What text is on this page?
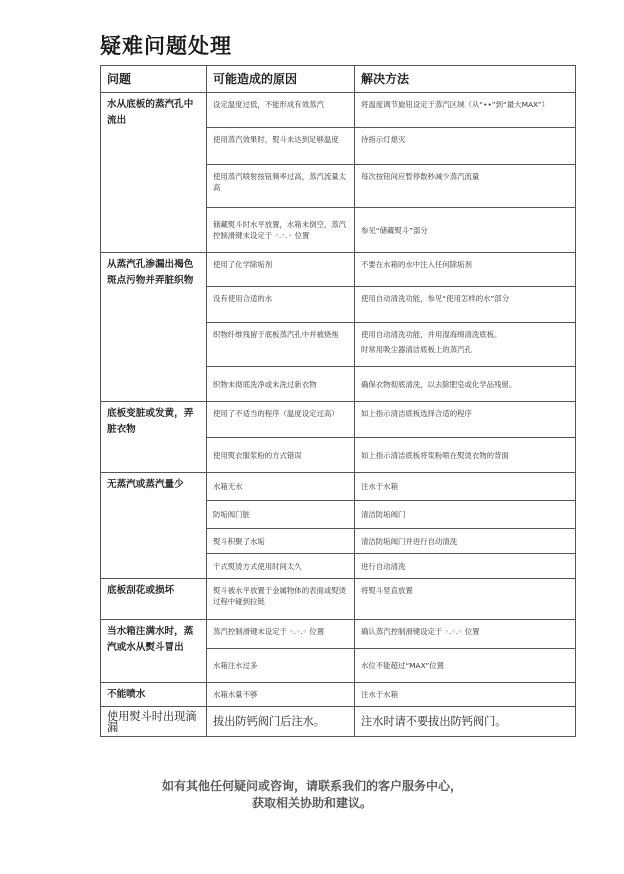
疑难问题处理
问题	可能造成的原因	解决方法
水从底板的蒸汽孔中流出	设定温度过低，不能形成有效蒸汽	将温度调节旋钮设定于蒸汽区域（从“••”到“最大MAX”）
	使用蒸汽效果时，熨斗未达到足够温度	待指示灯熄灭
	使用蒸汽喷射按钮频率过高，蒸汽流量太高	每次按钮间应暂停数秒减少蒸汽流量
	储藏熨斗时水平放置，水箱未倒空，蒸汽控制滑键未设定于 ◦.◦.◦ 位置	参见“储藏熨斗”部分
从蒸汽孔渗漏出褐色斑点污物并弄脏织物	使用了化学除垢剂	不要在水箱的水中注入任何除垢剂
	没有使用合适的水	使用自动清洗功能，参见“使用怎样的水”部分
	织物纤维残留于底板蒸汽孔中并被烧焦	使用自动清洗功能，并用湿海绵清洗底板。
时常用吸尘器清洁底板上的蒸汽孔

	织物未彻底洗净或未洗过新衣物	确保衣物彻底清洗，以去除肥皂或化学品残留。
底板变脏或发黄，弄脏衣物	使用了不适当的程序（温度设定过高）	如上指示清洁底板选择合适的程序
	使用熨衣服浆粉的方式错误	如上指示清洁底板将浆粉喷在熨烫衣物的背面
无蒸汽或蒸汽量少	水箱无水	注水于水箱
	防垢阀门脏	清洁防垢阀门
	熨斗积聚了水垢	清洁防垢阀门并进行自动清洗
	干式熨烫方式使用时间太久	进行自动清洗
底板刮花或损坏	熨斗被水平放置于金属物体的表面或熨烫过程中碰到拉链	将熨斗竖直放置
当水箱注满水时，蒸汽或水从熨斗冒出	蒸汽控制滑键未设定于 ◦.◦.◦ 位置	确认蒸汽控制滑键设定于 ◦.◦.◦ 位置
	水箱注水过多	水位不能超过“MAX”位置
不能喷水	水箱水量不够	注水于水箱
使用熨斗时出现滴漏	拔出防钙阀门后注水。	注水时请不要拔出防钙阀门。
如有其他任何疑问或咨询，请联系我们的客户服务中心，
获取相关协助和建议。
